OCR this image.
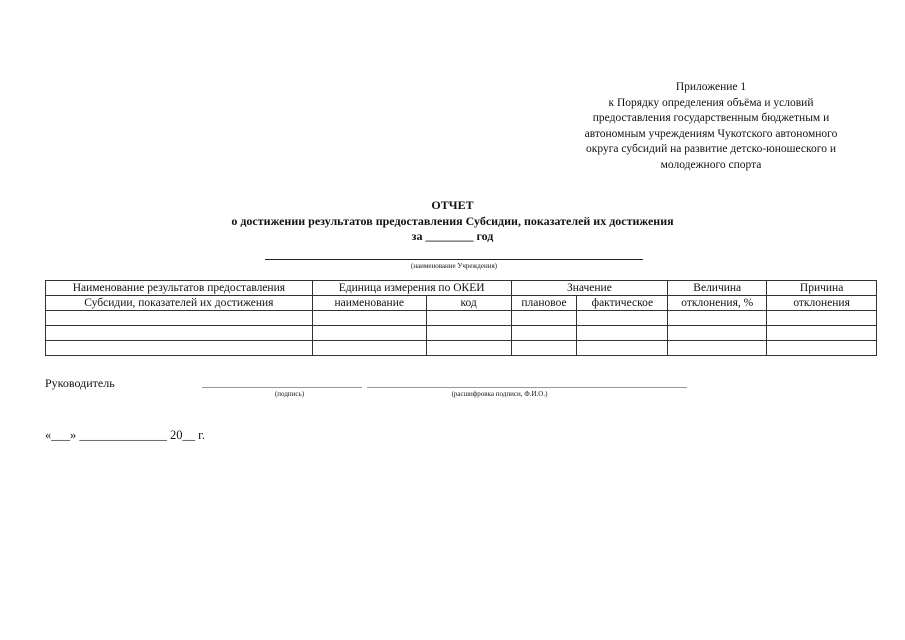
Приложение 1
к Порядку определения объёма и условий
предоставления государственным бюджетным и
автономным учреждениям Чукотского автономного
округа субсидий на развитие детско-юношеского и
молодежного спорта
ОТЧЕТ
о достижении результатов предоставления Субсидии, показателей их достижения
за ________ год
(наименование Учреждения)
Наименование результатов предоставления	Единица измерения по ОКЕИ		Значение		Величина	Причина
Субсидии, показателей их достижения	наименование	код	плановое	фактическое	отклонения, %	отклонения

Руководитель
(подпись)	(расшифровка подписи, Ф.И.О.)
«___» ______________ 20__ г.
